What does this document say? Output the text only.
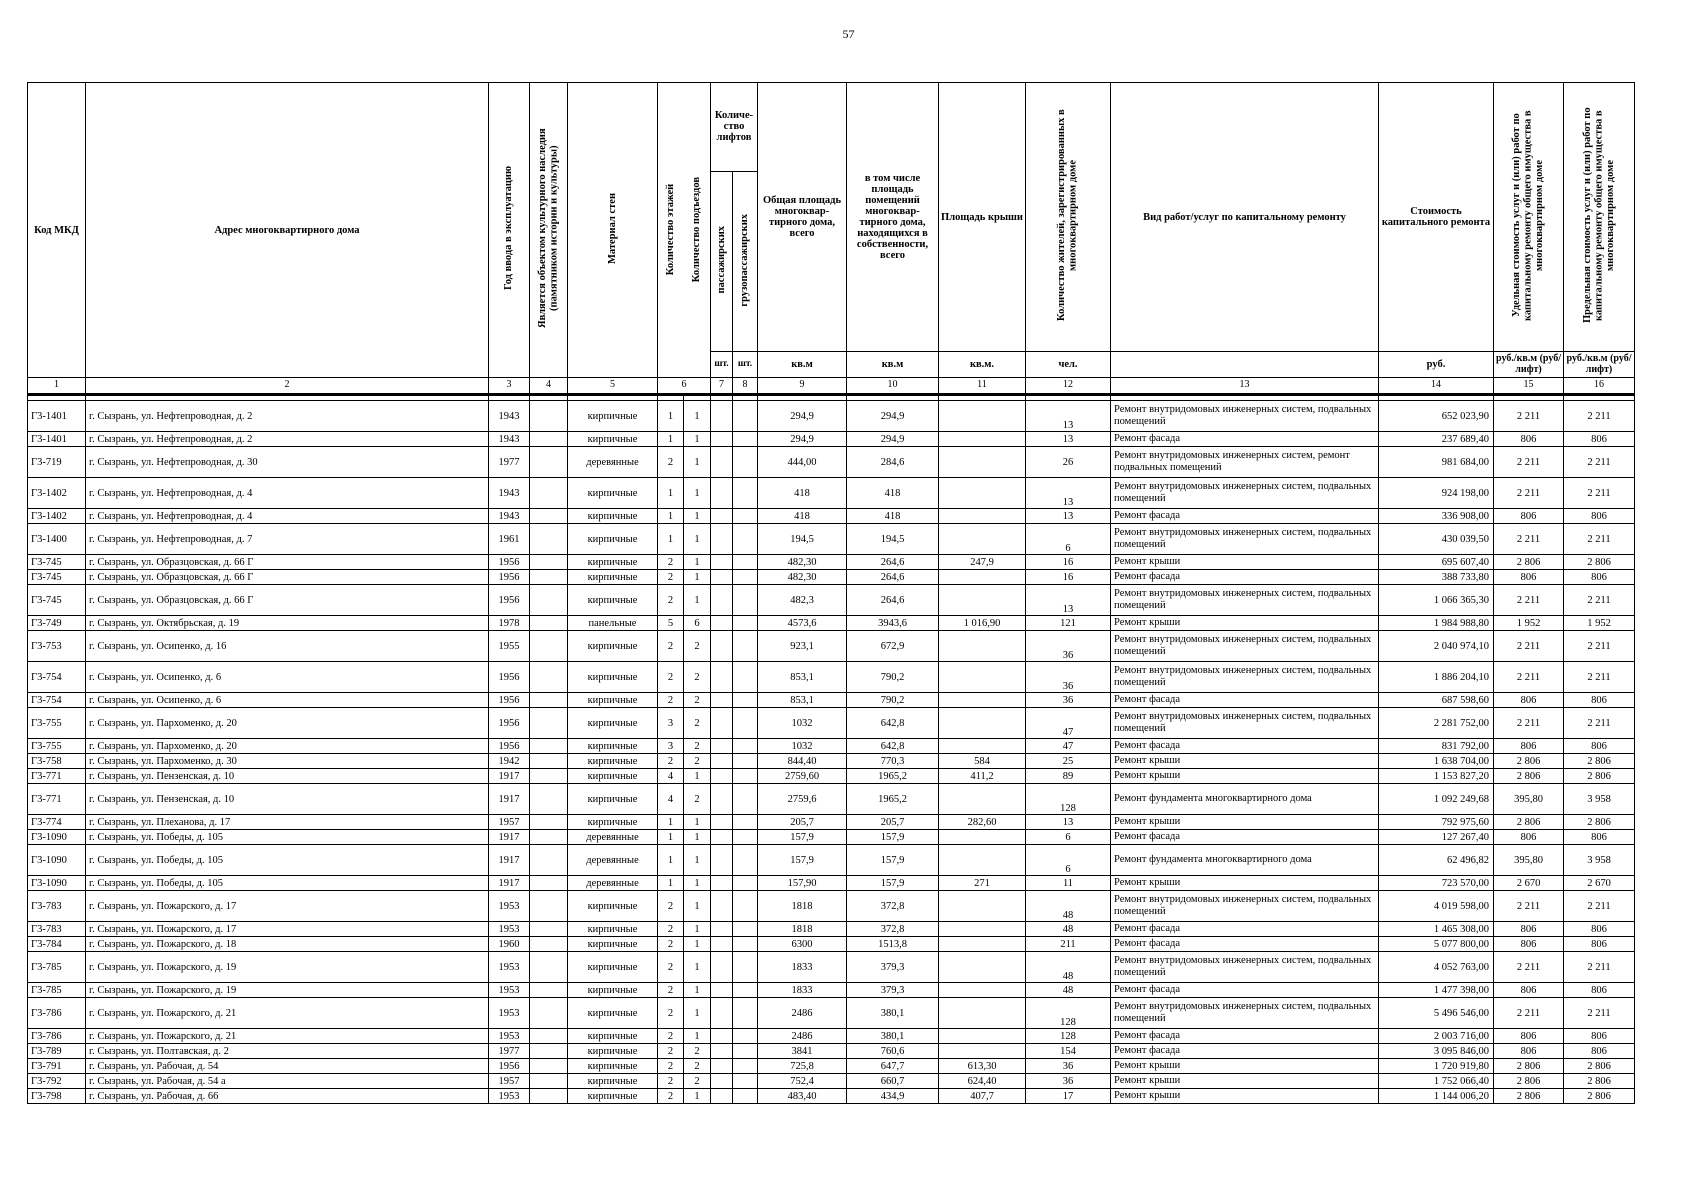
57
Код МКД	Адрес многоквартирного дома	Год ввода в эксплуатацию	Является объектом культурного наследия (памятником истории и культуры)	Материал стен	Количество этажей Количество подъездов		Количе-ство лифтов		Общая площадь многоквар-тирного дома, всего	в том числе площадь помещений многоквар-тирного дома, находящихся в собственности, всего	Площадь крыши	Количество жителей, зарегистрированных в многоквартирном доме	Вид работ/услуг по капитальному ремонту	Стоимость капитального ремонта	Удельная стоимость услуг и (или) работ по капитальному ремонту общего имущества в многоквартирном доме	Предельная стоимость услуг и (или) работ по капитальному ремонту общего имущества в многоквартирном доме
							пассажирских	грузопассажирских								
							шт.	шт.	кв.м	кв.м	кв.м.	чел.		руб.	руб./кв.м (руб/лифт)	руб./кв.м (руб/лифт)
1	2	3	4	5	6		7	8	9	10	11	12	13	14	15	16

Г3-1401	г. Сызрань, ул. Нефтепроводная, д. 2	1943		кирпичные	1	1			294,9	294,9		13	Ремонт внутридомовых инженерных систем, подвальных помещений	652 023,90	2 211	2 211
Г3-1401	г. Сызрань, ул. Нефтепроводная, д. 2	1943		кирпичные	1	1			294,9	294,9		13	Ремонт фасада	237 689,40	806	806
Г3-719	г. Сызрань, ул. Нефтепроводная, д. 30	1977		деревянные	2	1			444,00	284,6		26	Ремонт внутридомовых инженерных систем, ремонт подвальных помещений	981 684,00	2 211	2 211
Г3-1402	г. Сызрань, ул. Нефтепроводная, д. 4	1943		кирпичные	1	1			418	418		13	Ремонт внутридомовых инженерных систем, подвальных помещений	924 198,00	2 211	2 211
Г3-1402	г. Сызрань, ул. Нефтепроводная, д. 4	1943		кирпичные	1	1			418	418		13	Ремонт фасада	336 908,00	806	806
Г3-1400	г. Сызрань, ул. Нефтепроводная, д. 7	1961		кирпичные	1	1			194,5	194,5		6	Ремонт внутридомовых инженерных систем, подвальных помещений	430 039,50	2 211	2 211
Г3-745	г. Сызрань, ул. Образцовская, д. 66 Г	1956		кирпичные	2	1			482,30	264,6	247,9	16	Ремонт крыши	695 607,40	2 806	2 806
Г3-745	г. Сызрань, ул. Образцовская, д. 66 Г	1956		кирпичные	2	1			482,30	264,6		16	Ремонт фасада	388 733,80	806	806
Г3-745	г. Сызрань, ул. Образцовская, д. 66 Г	1956		кирпичные	2	1			482,3	264,6		13	Ремонт внутридомовых инженерных систем, подвальных помещений	1 066 365,30	2 211	2 211
Г3-749	г. Сызрань, ул. Октябрьская, д. 19	1978		панельные	5	6			4573,6	3943,6	1 016,90	121	Ремонт крыши	1 984 988,80	1 952	1 952
Г3-753	г. Сызрань, ул. Осипенко, д. 16	1955		кирпичные	2	2			923,1	672,9		36	Ремонт внутридомовых инженерных систем, подвальных помещений	2 040 974,10	2 211	2 211
Г3-754	г. Сызрань, ул. Осипенко, д. 6	1956		кирпичные	2	2			853,1	790,2		36	Ремонт внутридомовых инженерных систем, подвальных помещений	1 886 204,10	2 211	2 211
Г3-754	г. Сызрань, ул. Осипенко, д. 6	1956		кирпичные	2	2			853,1	790,2		36	Ремонт фасада	687 598,60	806	806
Г3-755	г. Сызрань, ул. Пархоменко, д. 20	1956		кирпичные	3	2			1032	642,8		47	Ремонт внутридомовых инженерных систем, подвальных помещений	2 281 752,00	2 211	2 211
Г3-755	г. Сызрань, ул. Пархоменко, д. 20	1956		кирпичные	3	2			1032	642,8		47	Ремонт фасада	831 792,00	806	806
Г3-758	г. Сызрань, ул. Пархоменко, д. 30	1942		кирпичные	2	2			844,40	770,3	584	25	Ремонт крыши	1 638 704,00	2 806	2 806
Г3-771	г. Сызрань, ул. Пензенская, д. 10	1917		кирпичные	4	1			2759,60	1965,2	411,2	89	Ремонт крыши	1 153 827,20	2 806	2 806
Г3-771	г. Сызрань, ул. Пензенская, д. 10	1917		кирпичные	4	2			2759,6	1965,2		128	Ремонт фундамента многоквартирного дома	1 092 249,68	395,80	3 958
Г3-774	г. Сызрань, ул. Плеханова, д. 17	1957		кирпичные	1	1			205,7	205,7	282,60	13	Ремонт крыши	792 975,60	2 806	2 806
Г3-1090	г. Сызрань, ул. Победы, д. 105	1917		деревянные	1	1			157,9	157,9		6	Ремонт фасада	127 267,40	806	806
Г3-1090	г. Сызрань, ул. Победы, д. 105	1917		деревянные	1	1			157,9	157,9		6	Ремонт фундамента многоквартирного дома	62 496,82	395,80	3 958
Г3-1090	г. Сызрань, ул. Победы, д. 105	1917		деревянные	1	1			157,90	157,9	271	11	Ремонт крыши	723 570,00	2 670	2 670
Г3-783	г. Сызрань, ул. Пожарского, д. 17	1953		кирпичные	2	1			1818	372,8		48	Ремонт внутридомовых инженерных систем, подвальных помещений	4 019 598,00	2 211	2 211
Г3-783	г. Сызрань, ул. Пожарского, д. 17	1953		кирпичные	2	1			1818	372,8		48	Ремонт фасада	1 465 308,00	806	806
Г3-784	г. Сызрань, ул. Пожарского, д. 18	1960		кирпичные	2	1			6300	1513,8		211	Ремонт фасада	5 077 800,00	806	806
Г3-785	г. Сызрань, ул. Пожарского, д. 19	1953		кирпичные	2	1			1833	379,3		48	Ремонт внутридомовых инженерных систем, подвальных помещений	4 052 763,00	2 211	2 211
Г3-785	г. Сызрань, ул. Пожарского, д. 19	1953		кирпичные	2	1			1833	379,3		48	Ремонт фасада	1 477 398,00	806	806
Г3-786	г. Сызрань, ул. Пожарского, д. 21	1953		кирпичные	2	1			2486	380,1		128	Ремонт внутридомовых инженерных систем, подвальных помещений	5 496 546,00	2 211	2 211
Г3-786	г. Сызрань, ул. Пожарского, д. 21	1953		кирпичные	2	1			2486	380,1		128	Ремонт фасада	2 003 716,00	806	806
Г3-789	г. Сызрань, ул. Полтавская, д. 2	1977		кирпичные	2	2			3841	760,6		154	Ремонт фасада	3 095 846,00	806	806
Г3-791	г. Сызрань, ул. Рабочая, д. 54	1956		кирпичные	2	2			725,8	647,7	613,30	36	Ремонт крыши	1 720 919,80	2 806	2 806
Г3-792	г. Сызрань, ул. Рабочая, д. 54 а	1957		кирпичные	2	2			752,4	660,7	624,40	36	Ремонт крыши	1 752 066,40	2 806	2 806
Г3-798	г. Сызрань, ул. Рабочая, д. 66	1953		кирпичные	2	1			483,40	434,9	407,7	17	Ремонт крыши	1 144 006,20	2 806	2 806
